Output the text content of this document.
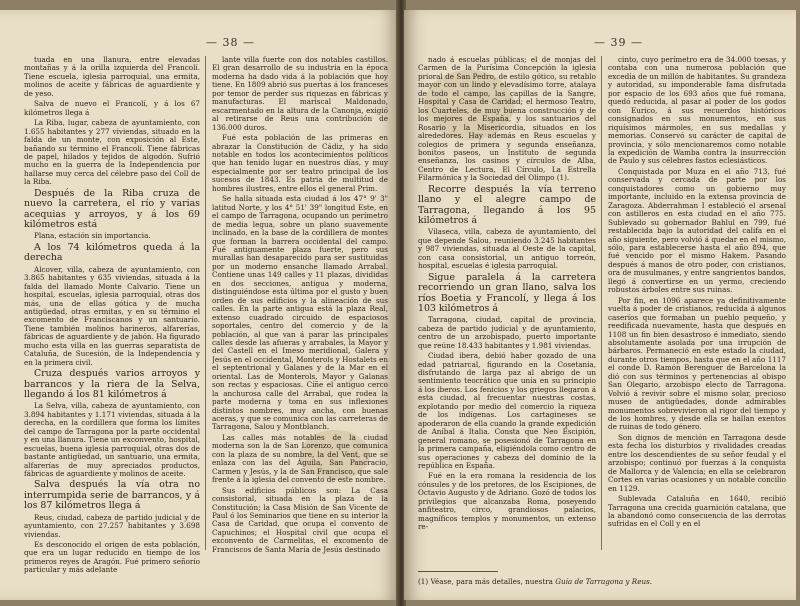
— 38 —

tuada en una llanura, entre elevadas montañas y á la orilla izquierda del Francolí. Tiene escuela, iglesia parroquial, una ermita, molinos de aceite y fábricas de aguardiente y de yeso.

Salva de nuevo el Francolí, y á los 67 kilómetros llega á

La Riba, lugar, cabeza de ayuntamiento, con 1.655 habitantes y 277 viviendas, situado en la falda de un monte, con exposición al Este, bañando su término el Francolí. Tiene fábricas de papel, hilados y tejidos de algodón. Sufrió mucho en la guerra de la Independencia por hallarse muy cerca del célebre paso del Coll de la Riba.

Después de la Riba cruza de nuevo la carretera, el río y varias acequias y arroyos, y á los 69 kilómetros está

Plana, estación sin importancia.

A los 74 kilómetros queda á la derecha

Alcover, villa, cabeza de ayuntamiento, con 3.865 habitantes y 635 viviendas, situada á la falda del llamado Monte Calvario. Tiene un hospital, escuelas, iglesia parroquial, otras dos más, una de ellas gótica y de mucha antigüedad, otras ermitas, y en su término el excomento de Franciscanos y un santuario. Tiene también molinos harineros, alfarerías, fábricas de aguardiente y de jabón. Ha figurado mucho esta villa en las guerras separatista de Cataluña, de Sucesión, de la Independencia y en la primera civil.

Cruza después varios arroyos y barrancos y la riera de la Selva, llegando á los 81 kilómetros á

La Selva, villa, cabeza de ayuntamiento, con 3.894 habitantes y 1.171 viviendas, situada á la derecha, en la cordillera que forma los límites del campo de Tarragona por la parte occidental y en una llanura. Tiene un exconvento, hospital, escuelas, buena iglesia parroquial, otras dos de bastante antigüedad, un santuario, una ermita, alfarerías de muy apreciados productos, fábricas de aguardiente y molinos de aceite.

Salva después la vía otra no interrumpida serie de barrancos, y á los 87 kilómetros llega á

Reus, ciudad, cabeza de partido judicial y de ayuntamiento, con 27.257 habitantes y 3.698 viviendas.

Es desconocido el origen de esta población, que era un lugar reducido en tiempo de los primeros reyes de Aragón. Fué primero señorío particular y más adelante

lante villa fuerte con dos notables castillos. El gran desarrollo de su industria en la época moderna ha dado vida á la población que hoy tiene. En 1809 abrió sus puertas á los franceses por temor de perder sus riquezas en fábricas y manufacturas. El mariscal Maldonado, escarmentado en la altura de la Canonja, exigió al retirarse de Reus una contribución de 136.000 duros.

Fué esta población de las primeras en abrazar la Constitución de Cádiz, y ha sido notable en todos los acontecimientos políticos que han tenido lugar en nuestros días, y muy especialmente por ser teatro principal de los sucesos de 1843. Es patria de multitud de hombres ilustres, entre ellos el general Prim.

Se halla situada esta ciudad á los 47° 9' 3" latitud Norte, y los 4° 51' 39" longitud Este, en el campo de Tarragona, ocupando un perímetro de media legua, sobre un plano suavemente inclinado, en la base de la cordillera de montes que forman la barrera occidental del campo. Fué antiguamente plaza fuerte, pero sus murallas han desaparecido para ser sustituidas por un moderno ensanche llamado Arrabal. Contiene unas 149 calles y 11 plazas, divididas en dos secciones, antigua y moderna, distinguiéndose esta última por el gusto y buen orden de sus edificios y la alineación de sus calles. En la parte antigua está la plaza Real, extenso cuadrado circuido de espaciosos soportales, centro del comercio y de la población, al que van á parar las principales calles desde las afueras y arrabales, la Mayor y del Castell en el Imeso meridional, Galera y Jesús en el occidental, Monterols y Hostalets en el septentrional y Galanes y de la Mar en el oriental. Las de Monterols, Mayor y Galanas son rectas y espaciosas. Cíñe el antiguo cerco la anchurosa calle del Arrabal, que rodea la parte moderna y toma en sus inflexiones distintos nombres, muy ancha, con buenas aceras, y que se comunica con las carreteras de Tarragona, Salou y Montblanch.

Las calles más notables de la ciudad moderna son la de San Lorenzo, que comunica con la plaza de su nombre, la del Vent, que se enlaza con las del Águila, San Pancracio, Carmen y Jesús, y la de San Francisco, que sale frente á la iglesia del convento de este nombre.

Sus edificios públicos son: La Casa consistorial, situada en la plaza de la Constitución; la Casa Misión de San Vicente de Paul ó los Seminarios que tiene en su interior la Casa de Caridad, que ocupa el convento de Capuchinos; el Hospital civil que ocupa el exconvento de Carmelitas, el excomento de Franciscos de Santa María de Jesús destinado

— 39 —

nado á escuelas públicas; el de monjas del Carmen de la Purísima Concepción la iglesia prioral de San Pedro, de estilo gótico, su retablo mayor con un lindo y elevadísimo torre, atalaya de todo el campo, las capillas de la Sangre, Hospital y Casa de Caridad; el hermoso Teatro, los Cuarteles, de muy buena construcción y de los mejores de España, y los santuarios del Rosario y la Misericordia, situados en los alrededores. Hay además en Reus escuelas y colegios de primera y segunda enseñanza, bonitos paseos, un Instituto de segunda enseñanza, los casinos y círculos de Alba, Centro de Lectura, El Círculo, La Estrella Filarmónica y la Sociedad del Olimpo (1).

Recorre después la vía terreno llano y el alegre campo de Tarragona, llegando á los 95 kilómetros á

Vilaseca, villa, cabeza de ayuntamiento, del que depende Salou, reuniendo 3.245 habitantes y 987 viviendas, situada al Oeste de la capital, con casa consistorial, un antiguo torreón, hospital, escuelas é iglesia parroquial.

Sigue paralela á la carretera recorriendo un gran llano, salva los ríos Boetia y Francolí, y llega á los 103 kilómetros á

Tarragona, ciudad, capital de provincia, cabeza de partido judicial y de ayuntamiento, centro de un arzobispado, puerto importante que reúne 18.433 habitantes y 1.981 viviendas.

Ciudad ibera, debió haber gozado de una edad patriarcal, figurando en la Cosetania, disfrutando de larga paz al abrigo de un sentimiento teocrático que unía en su principio á los iberos. Los fenicios y los griegos llegaron á esta ciudad, al frecuentar nuestras costas, explotando por medio del comercio la riqueza de los indígenas. Los cartagineses se apoderaron de ella cuando la grande expedición de Aníbal á Italia. Consta que Neo Escipión, general romano, se posesionó de Tarragona en la primera campaña, eligiéndola como centro de sus operaciones y cabeza del dominio de la república en España.

Fué en la era romana la residencia de los cónsules y de los pretores, de los Escipiones, de Octavio Augusto y de Adriano. Gozó de todos los privilegios que alcanzaba Roma, poseyendo anfiteatro, circo, grandiosos palacios, magníficos templos y monumentos, un extenso re-

cinto, cuyo perímetro era de 34.000 toesas, y contaba con una numerosa población que excedía de un millón de habitantes. Su grandeza y autoridad, su imponderable fama disfrutada por espacio de los 693 años que fué romana, quedó reducida, al pasar al poder de los godos con Eurico, á sus recuerdos históricos consignados en sus monumentos, en sus riquísimos mármoles, en sus medallas y memorias. Conservó su carácter de capital de provincia, y sólo mencionaremos como notable la expedición de Wamba contra la insurrección de Paulo y sus célebres fastos eclesiásticos.

Conquistada por Muza en el año 713, fué conservada y cercada de parte por los conquistadores como un gobierno muy importante, incluido en la extensa provincia de Zaragoza. Abderrahman I estableció el arsenal con astilleros en esta ciudad en el año 775. Sublevado su gobernador Bahlul en 799, fué restablecida bajo la autoridad del califa en el año siguiente, pero volvió á quedar en el mismo, sólo, para establecerse hasta el año 894, que fué vencido por el mismo Hakem. Pasando después á manos de otro poder, con cristianos, ora de musulmanes, y entre sangrientos bandos, llegó á convertirse en un yermo, creciendo robustos árboles entre sus ruinas.

Por fin, en 1096 aparece ya definitivamente vuelta á poder de cristianos, reducida á algunos caseríos que formaban un pueblo pequeño, y reedificada nuevamente, hasta que después en 1108 un fin bien desastroso é inmediato, siendo absolutamente asolada por una irrupción de bárbaros. Permaneció en este estado la ciudad, durante otros tiempos, hasta que en el año 1117 el conde D. Ramón Berenguer de Barcelona la dió con sus términos y pertenencias al obispo San Olegario, arzobispo electo de Tarragona. Volvió á revivir sobre el mismo solar, precioso museo de antigüedades, donde admirables monumentos sobrevivieron al rigor del tiempo y de los hombres, y desde ella se hallan exentos de ruinas de todo género.

Son dignos de mención en Tarragona desde esta fecha los disturbios y rivalidades creadas entre los descendientes de su señor feudal y el arzobispo; continuó por fuerzas á la conquista de Mallorca y de Valencia; en ella se celebraron Cortes en varias ocasiones y un notable concilio en 1129.

Sublevada Cataluña en 1640, recibió Tarragona una crecida guarnición catalana, que la abandonó como consecuencia de las derrotas sufridas en el Coll y en el

(1) Véase, para más detalles, nuestra Guía de Tarragona y Reus.
